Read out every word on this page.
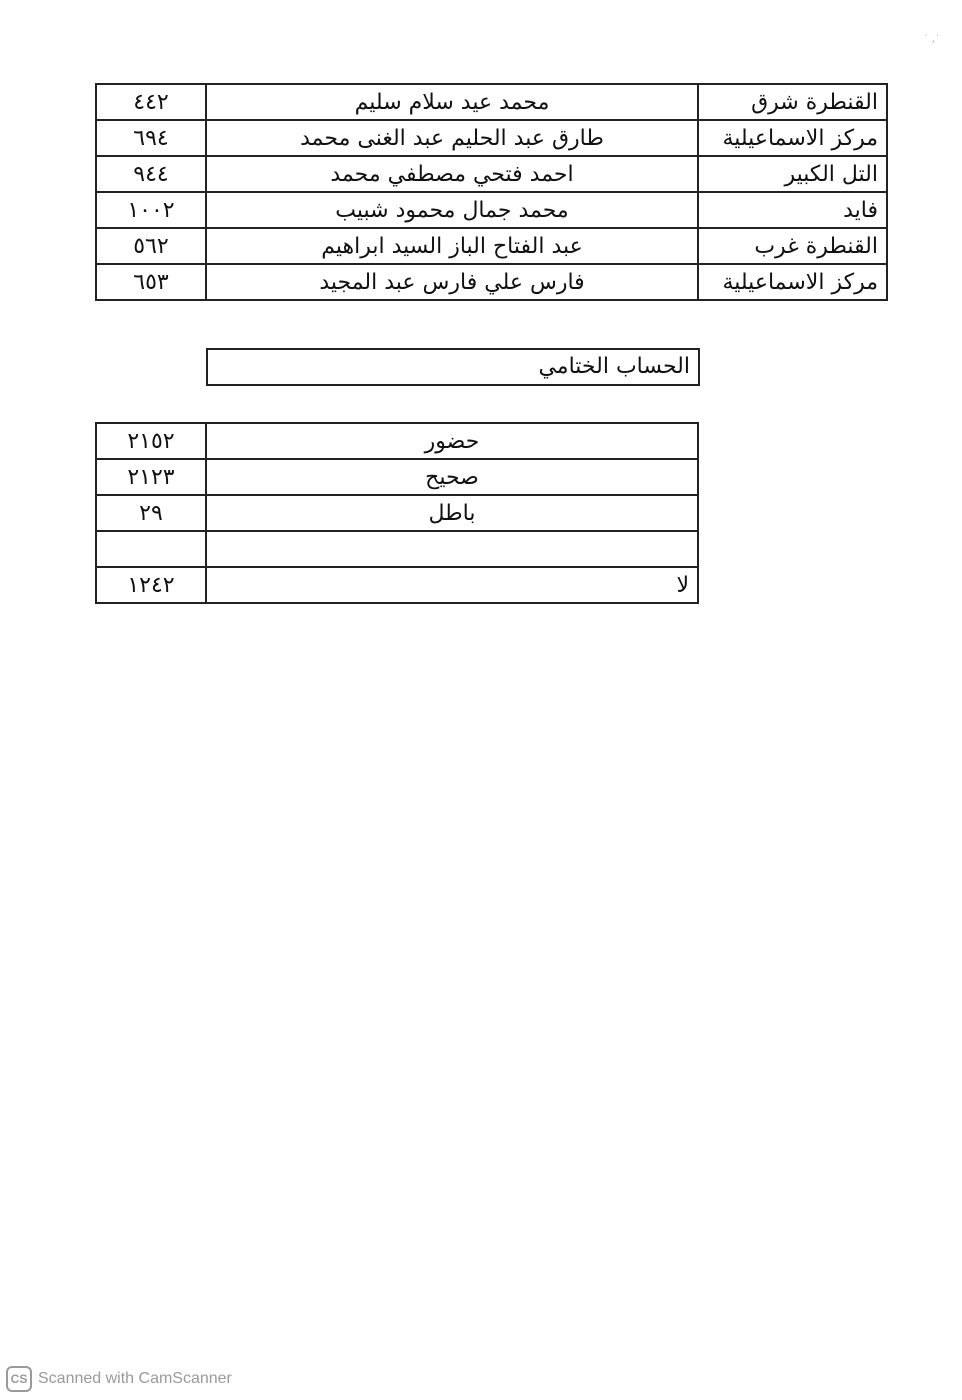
˙ ,˙
٤٤٢	محمد عيد سلام سليم	القنطرة شرق
٦٩٤	طارق عبد الحليم عبد الغنى محمد	مركز الاسماعيلية
٩٤٤	احمد فتحي مصطفي محمد	التل الكبير
١٠٠٢	محمد جمال محمود شبيب	فايد
٥٦٢	عبد الفتاح الباز السيد ابراهيم	القنطرة غرب
٦٥٣	فارس علي فارس عبد المجيد	مركز الاسماعيلية
الحساب الختامي
٢١٥٢	حضور
٢١٢٣	صحيح
٢٩	باطل

١٢٤٢	لا
CS Scanned with CamScanner
